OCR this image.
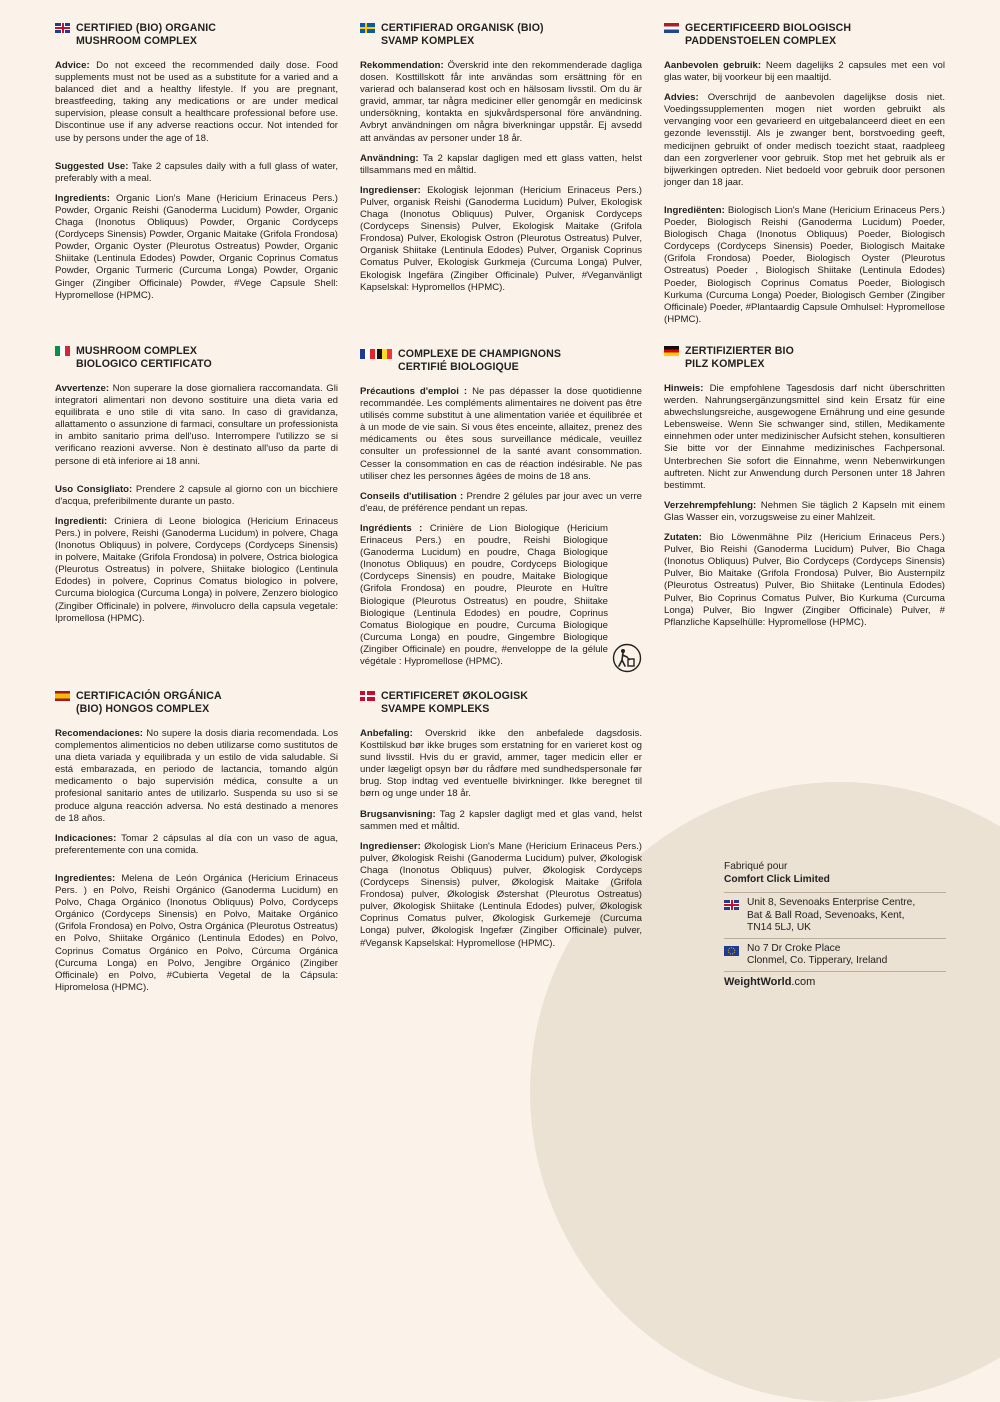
CERTIFIED (BIO) ORGANIC
MUSHROOM COMPLEX

Advice: Do not exceed the recommended daily dose. Food supplements must not be used as a substitute for a varied and a balanced diet and a healthy lifestyle. If you are pregnant, breastfeeding, taking any medications or are under medical supervision, please consult a healthcare professional before use. Discontinue use if any adverse reactions occur. Not intended for use by persons under the age of 18.

Suggested Use: Take 2 capsules daily with a full glass of water, preferably with a meal.

Ingredients: Organic Lion's Mane (Hericium Erinaceus Pers.) Powder, Organic Reishi (Ganoderma Lucidum) Powder, Organic Chaga (Inonotus Obliquus) Powder, Organic Cordyceps (Cordyceps Sinensis) Powder, Organic Maitake (Grifola Frondosa) Powder, Organic Oyster (Pleurotus Ostreatus) Powder, Organic Shiitake (Lentinula Edodes) Powder, Organic Coprinus Comatus Powder, Organic Turmeric (Curcuma Longa) Powder, Organic Ginger (Zingiber Officinale) Powder, #Vege Capsule Shell: Hypromellose (HPMC).

CERTIFIERAD ORGANISK (BIO)
SVAMP KOMPLEX

Rekommendation: Överskrid inte den rekommenderade dagliga dosen. Kosttillskott får inte användas som ersättning för en varierad och balanserad kost och en hälsosam livsstil. Om du är gravid, ammar, tar några mediciner eller genomgår en medicinsk undersökning, kontakta en sjukvårdspersonal före användning. Avbryt användningen om några biverkningar uppstår. Ej avsedd att användas av personer under 18 år.

Användning: Ta 2 kapslar dagligen med ett glass vatten, helst tillsammans med en måltid.

Ingredienser: Ekologisk lejonman (Hericium Erinaceus Pers.) Pulver, organisk Reishi (Ganoderma Lucidum) Pulver, Ekologisk Chaga (Inonotus Obliquus) Pulver, Organisk Cordyceps (Cordyceps Sinensis) Pulver, Ekologisk Maitake (Grifola Frondosa) Pulver, Ekologisk Ostron (Pleurotus Ostreatus) Pulver, Organisk Shiitake (Lentinula Edodes) Pulver, Organisk Coprinus Comatus Pulver, Ekologisk Gurkmeja (Curcuma Longa) Pulver, Ekologisk Ingefära (Zingiber Officinale) Pulver, #Veganvänligt Kapselskal: Hypromellos (HPMC).

GECERTIFICEERD BIOLOGISCH
PADDENSTOELEN COMPLEX

Aanbevolen gebruik: Neem dagelijks 2 capsules met een vol glas water, bij voorkeur bij een maaltijd.

Advies: Overschrijd de aanbevolen dagelijkse dosis niet. Voedingssupplementen mogen niet worden gebruikt als vervanging voor een gevarieerd en uitgebalanceerd dieet en een gezonde levensstijl. Als je zwanger bent, borstvoeding geeft, medicijnen gebruikt of onder medisch toezicht staat, raadpleeg dan een zorgverlener voor gebruik. Stop met het gebruik als er bijwerkingen optreden. Niet bedoeld voor gebruik door personen jonger dan 18 jaar.

Ingrediënten: Biologisch Lion's Mane (Hericium Erinaceus Pers.) Poeder, Biologisch Reishi (Ganoderma Lucidum) Poeder, Biologisch Chaga (Inonotus Obliquus) Poeder, Biologisch Cordyceps (Cordyceps Sinensis) Poeder, Biologisch Maitake (Grifola Frondosa) Poeder, Biologisch Oyster (Pleurotus Ostreatus) Poeder , Biologisch Shiitake (Lentinula Edodes) Poeder, Biologisch Coprinus Comatus Poeder, Biologisch Kurkuma (Curcuma Longa) Poeder, Biologisch Gember (Zingiber Officinale) Poeder, #Plantaardig Capsule Omhulsel: Hypromellose (HPMC).

MUSHROOM COMPLEX
BIOLOGICO CERTIFICATO

Avvertenze: Non superare la dose giornaliera raccomandata. Gli integratori alimentari non devono sostituire una dieta varia ed equilibrata e uno stile di vita sano. In caso di gravidanza, allattamento o assunzione di farmaci, consultare un professionista in ambito sanitario prima dell'uso. Interrompere l'utilizzo se si verificano reazioni avverse. Non è destinato all'uso da parte di persone di età inferiore ai 18 anni.

Uso Consigliato: Prendere 2 capsule al giorno con un bicchiere d'acqua, preferibilmente durante un pasto.

Ingredienti: Criniera di Leone biologica (Hericium Erinaceus Pers.) in polvere, Reishi (Ganoderma Lucidum) in polvere, Chaga (Inonotus Obliquus) in polvere, Cordyceps (Cordyceps Sinensis) in polvere, Maitake (Grifola Frondosa) in polvere, Ostrica biologica (Pleurotus Ostreatus) in polvere, Shiitake biologico (Lentinula Edodes) in polvere, Coprinus Comatus biologico in polvere, Curcuma biologica (Curcuma Longa) in polvere, Zenzero biologico (Zingiber Officinale) in polvere, #involucro della capsula vegetale: Ipromellosa (HPMC).

COMPLEXE DE CHAMPIGNONS
CERTIFIÉ BIOLOGIQUE

Précautions d'emploi : Ne pas dépasser la dose quotidienne recommandée. Les compléments alimentaires ne doivent pas être utilisés comme substitut à une alimentation variée et équilibrée et à un mode de vie sain. Si vous êtes enceinte, allaitez, prenez des médicaments ou êtes sous surveillance médicale, veuillez consulter un professionnel de la santé avant consommation. Cesser la consommation en cas de réaction indésirable. Ne pas utiliser chez les personnes âgées de moins de 18 ans.

Conseils d'utilisation : Prendre 2 gélules par jour avec un verre d'eau, de préférence pendant un repas.

Ingrédients : Crinière de Lion Biologique (Hericium Erinaceus Pers.) en poudre, Reishi Biologique (Ganoderma Lucidum) en poudre, Chaga Biologique (Inonotus Obliquus) en poudre, Cordyceps Biologique (Cordyceps Sinensis) en poudre, Maitake Biologique (Grifola Frondosa) en poudre, Pleurote en Huître Biologique (Pleurotus Ostreatus) en poudre, Shiitake Biologique (Lentinula Edodes) en poudre, Coprinus Comatus Biologique en poudre, Curcuma Biologique (Curcuma Longa) en poudre, Gingembre Biologique (Zingiber Officinale) en poudre, #enveloppe de la gélule végétale : Hypromellose (HPMC).

ZERTIFIZIERTER BIO
PILZ KOMPLEX

Hinweis: Die empfohlene Tagesdosis darf nicht überschritten werden. Nahrungsergänzungsmittel sind kein Ersatz für eine abwechslungsreiche, ausgewogene Ernährung und eine gesunde Lebensweise. Wenn Sie schwanger sind, stillen, Medikamente einnehmen oder unter medizinischer Aufsicht stehen, konsultieren Sie bitte vor der Einnahme medizinisches Fachpersonal. Unterbrechen Sie sofort die Einnahme, wenn Nebenwirkungen auftreten. Nicht zur Anwendung durch Personen unter 18 Jahren bestimmt.

Verzehrempfehlung: Nehmen Sie täglich 2 Kapseln mit einem Glas Wasser ein, vorzugsweise zu einer Mahlzeit.

Zutaten: Bio Löwenmähne Pilz (Hericium Erinaceus Pers.) Pulver, Bio Reishi (Ganoderma Lucidum) Pulver, Bio Chaga (Inonotus Obliquus) Pulver, Bio Cordyceps (Cordyceps Sinensis) Pulver, Bio Maitake (Grifola Frondosa) Pulver, Bio Austernpilz (Pleurotus Ostreatus) Pulver, Bio Shiitake (Lentinula Edodes) Pulver, Bio Coprinus Comatus Pulver, Bio Kurkuma (Curcuma Longa) Pulver, Bio Ingwer (Zingiber Officinale) Pulver, # Pflanzliche Kapselhülle: Hypromellose (HPMC).

CERTIFICACIÓN ORGÁNICA
(BIO) HONGOS COMPLEX

Recomendaciones: No supere la dosis diaria recomendada. Los complementos alimenticios no deben utilizarse como sustitutos de una dieta variada y equilibrada y un estilo de vida saludable. Si está embarazada, en periodo de lactancia, tomando algún medicamento o bajo supervisión médica, consulte a un profesional sanitario antes de utilizarlo. Suspenda su uso si se produce alguna reacción adversa. No está destinado a menores de 18 años.

Indicaciones: Tomar 2 cápsulas al día con un vaso de agua, preferentemente con una comida.

Ingredientes: Melena de León Orgánica (Hericium Erinaceus Pers. ) en Polvo, Reishi Orgánico (Ganoderma Lucidum) en Polvo, Chaga Orgánico (Inonotus Obliquus) Polvo, Cordyceps Orgánico (Cordyceps Sinensis) en Polvo, Maitake Orgánico (Grifola Frondosa) en Polvo, Ostra Orgánica (Pleurotus Ostreatus) en Polvo, Shiitake Orgánico (Lentinula Edodes) en Polvo, Coprinus Comatus Orgánico en Polvo, Cúrcuma Orgánica (Curcuma Longa) en Polvo, Jengibre Orgánico (Zingiber Officinale) en Polvo, #Cubierta Vegetal de la Cápsula: Hipromelosa (HPMC).

CERTIFICERET ØKOLOGISK
SVAMPE KOMPLEKS

Anbefaling: Overskrid ikke den anbefalede dagsdosis. Kosttilskud bør ikke bruges som erstatning for en varieret kost og sund livsstil. Hvis du er gravid, ammer, tager medicin eller er under lægeligt opsyn bør du rådføre med sundhedspersonale før brug. Stop indtag ved eventuelle bivirkninger. Ikke beregnet til børn og unge under 18 år.

Brugsanvisning: Tag 2 kapsler dagligt med et glas vand, helst sammen med et måltid.

Ingredienser: Økologisk Lion's Mane (Hericium Erinaceus Pers.) pulver, Økologisk Reishi (Ganoderma Lucidum) pulver, Økologisk Chaga (Inonotus Obliquus) pulver, Økologisk Cordyceps (Cordyceps Sinensis) pulver, Økologisk Maitake (Grifola Frondosa) pulver, Økologisk Østershat (Pleurotus Ostreatus) pulver, Økologisk Shiitake (Lentinula Edodes) pulver, Økologisk Coprinus Comatus pulver, Økologisk Gurkemeje (Curcuma Longa) pulver, Økologisk Ingefær (Zingiber Officinale) pulver, #Vegansk Kapselskal: Hypromellose (HPMC).

Fabriqué pour
Comfort Click Limited
Unit 8, Sevenoaks Enterprise Centre,
Bat & Ball Road, Sevenoaks, Kent,
TN14 5LJ, UK
No 7 Dr Croke Place
Clonmel, Co. Tipperary, Ireland
WeightWorld.com
